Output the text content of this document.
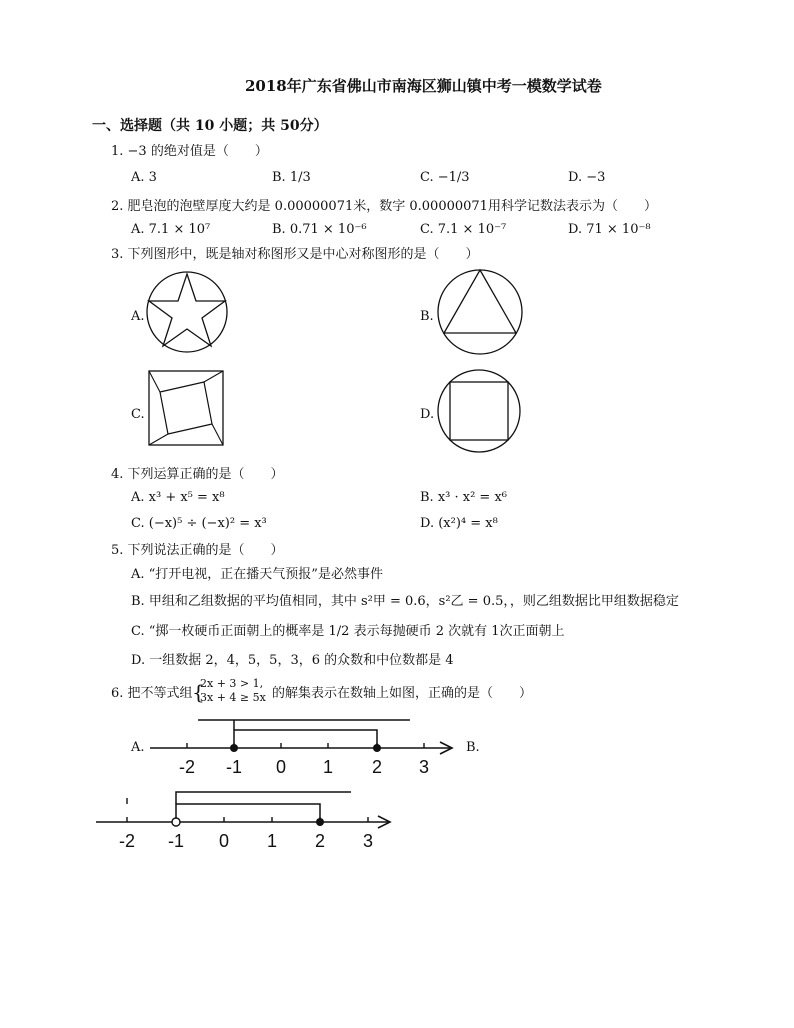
2018年广东省佛山市南海区狮山镇中考一模数学试卷
一、选择题（共 10 小题；共 50分）
1. −3 的绝对值是（　　）
A. 3	B. 1/3	C. −1/3	D. −3
2. 肥皂泡的泡壁厚度大约是 0.00000071米，数字 0.00000071用科学记数法表示为（　　）
A. 7.1 × 10⁷	B. 0.71 × 10⁻⁶	C. 7.1 × 10⁻⁷	D. 71 × 10⁻⁸
3. 下列图形中，既是轴对称图形又是中心对称图形的是（　　）
A.	B.
C.	D.
4. 下列运算正确的是（　　）
A. x³ + x⁵ = x⁸	B. x³ · x² = x⁶
C. (−x)⁵ ÷ (−x)² = x³	D. (x²)⁴ = x⁸
5. 下列说法正确的是（　　）
A. “打开电视，正在播天气预报”是必然事件
B. 甲组和乙组数据的平均值相同，其中 s²甲 = 0.6，s²乙 = 0.5，，则乙组数据比甲组数据稳定
C. “掷一枚硬币正面朝上的概率是 1/2 表示每抛硬币 2 次就有 1次正面朝上
D. 一组数据 2，4，5，5，3，6 的众数和中位数都是 4
6. 把不等式组 {
2x + 3 > 1,
3x + 4 ≥ 5x 的解集表示在数轴上如图，正确的是（　　）
A.	B.
-2 -1 0 1 2 3
-2 -1 0 1 2 3
